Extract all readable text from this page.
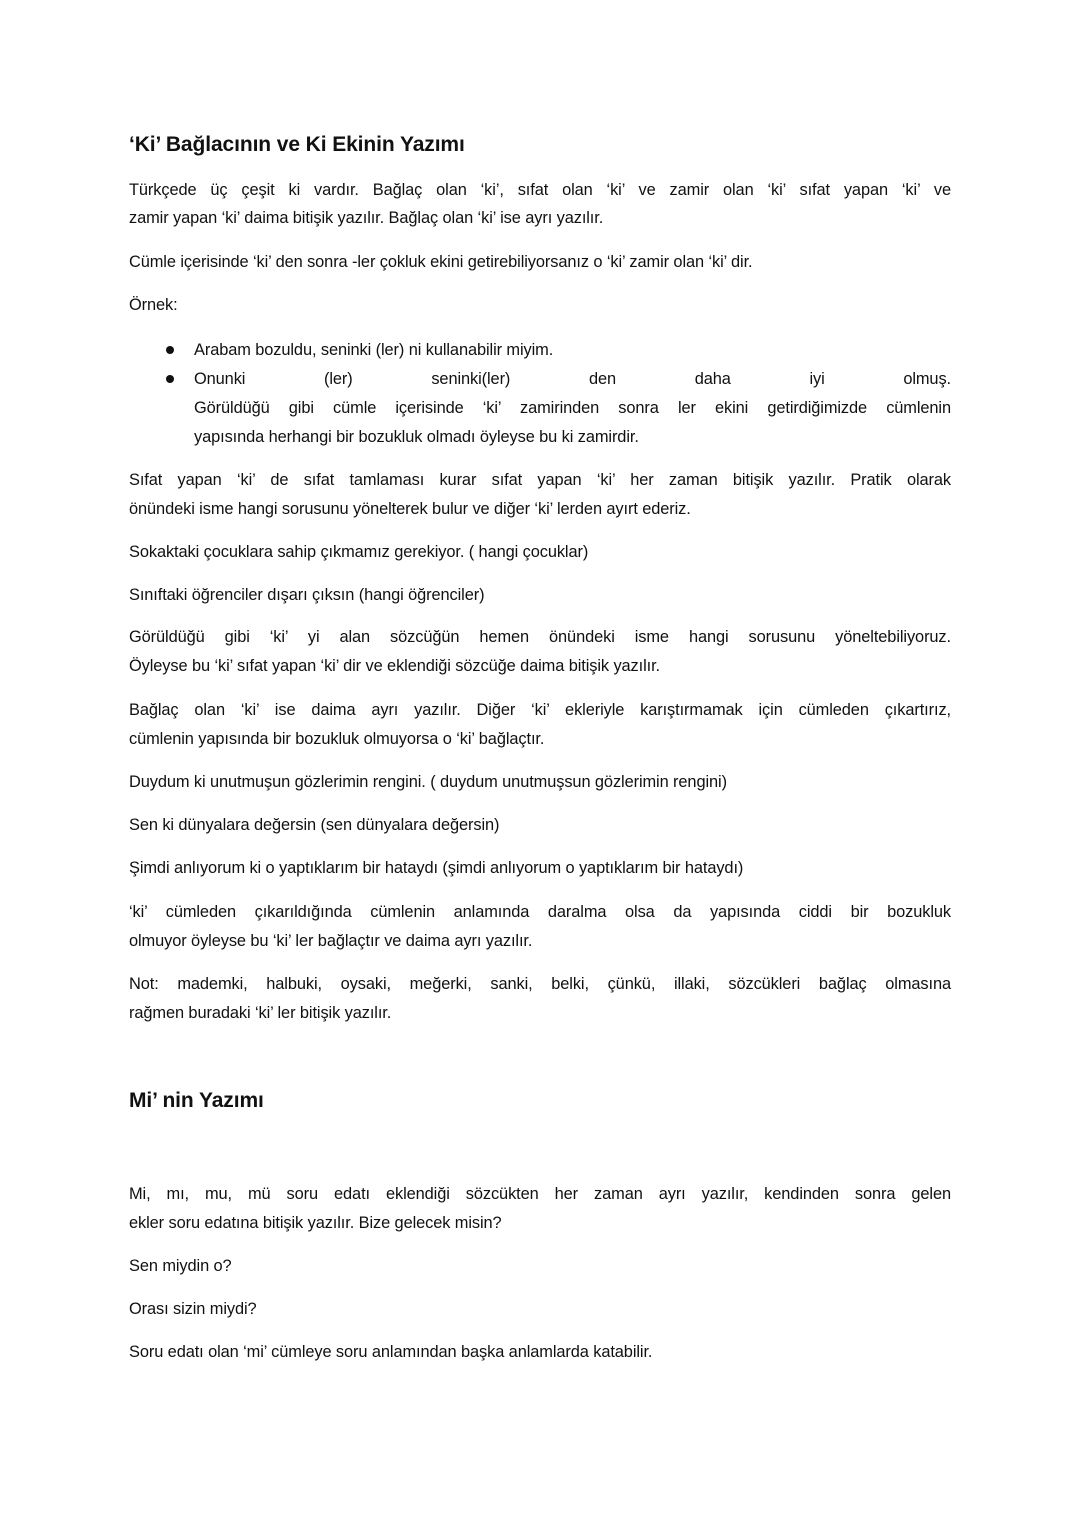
‘Ki’ Bağlacının ve Ki Ekinin Yazımı
Türkçede üç çeşit ki vardır. Bağlaç olan ‘ki’, sıfat olan ‘ki’ ve zamir olan ‘ki’ sıfat yapan ‘ki’ ve
zamir yapan ‘ki’ daima bitişik yazılır. Bağlaç olan ‘ki’ ise ayrı yazılır.
Cümle içerisinde ‘ki’ den sonra -ler çokluk ekini getirebiliyorsanız o ‘ki’ zamir olan ‘ki’ dir.
Örnek:
Arabam bozuldu, seninki (ler) ni kullanabilir miyim.
Onunki (ler) seninki(ler) den daha iyi olmuş.
Görüldüğü gibi cümle içerisinde ‘ki’ zamirinden sonra ler ekini getirdiğimizde cümlenin
yapısında herhangi bir bozukluk olmadı öyleyse bu ki zamirdir.
Sıfat yapan ‘ki’ de sıfat tamlaması kurar sıfat yapan ‘ki’ her zaman bitişik yazılır. Pratik olarak
önündeki isme hangi sorusunu yönelterek bulur ve diğer ‘ki’ lerden ayırt ederiz.
Sokaktaki çocuklara sahip çıkmamız gerekiyor. ( hangi çocuklar)
Sınıftaki öğrenciler dışarı çıksın (hangi öğrenciler)
Görüldüğü gibi ‘ki’ yi alan sözcüğün hemen önündeki isme hangi sorusunu yöneltebiliyoruz.
Öyleyse bu ‘ki’ sıfat yapan ‘ki’ dir ve eklendiği sözcüğe daima bitişik yazılır.
Bağlaç olan ‘ki’ ise daima ayrı yazılır. Diğer ‘ki’ ekleriyle karıştırmamak için cümleden çıkartırız,
cümlenin yapısında bir bozukluk olmuyorsa o ‘ki’ bağlaçtır.
Duydum ki unutmuşun gözlerimin rengini. ( duydum unutmuşsun gözlerimin rengini)
Sen ki dünyalara değersin (sen dünyalara değersin)
Şimdi anlıyorum ki o yaptıklarım bir hataydı (şimdi anlıyorum o yaptıklarım bir hataydı)
‘ki’ cümleden çıkarıldığında cümlenin anlamında daralma olsa da yapısında ciddi bir bozukluk
olmuyor öyleyse bu ‘ki’ ler bağlaçtır ve daima ayrı yazılır.
Not: mademki, halbuki, oysaki, meğerki, sanki, belki, çünkü, illaki, sözcükleri bağlaç olmasına
rağmen buradaki ‘ki’ ler bitişik yazılır.
Mi’ nin Yazımı
Mi, mı, mu, mü soru edatı eklendiği sözcükten her zaman ayrı yazılır, kendinden sonra gelen
ekler soru edatına bitişik yazılır. Bize gelecek misin?
Sen miydin o?
Orası sizin miydi?
Soru edatı olan ‘mi’ cümleye soru anlamından başka anlamlarda katabilir.
